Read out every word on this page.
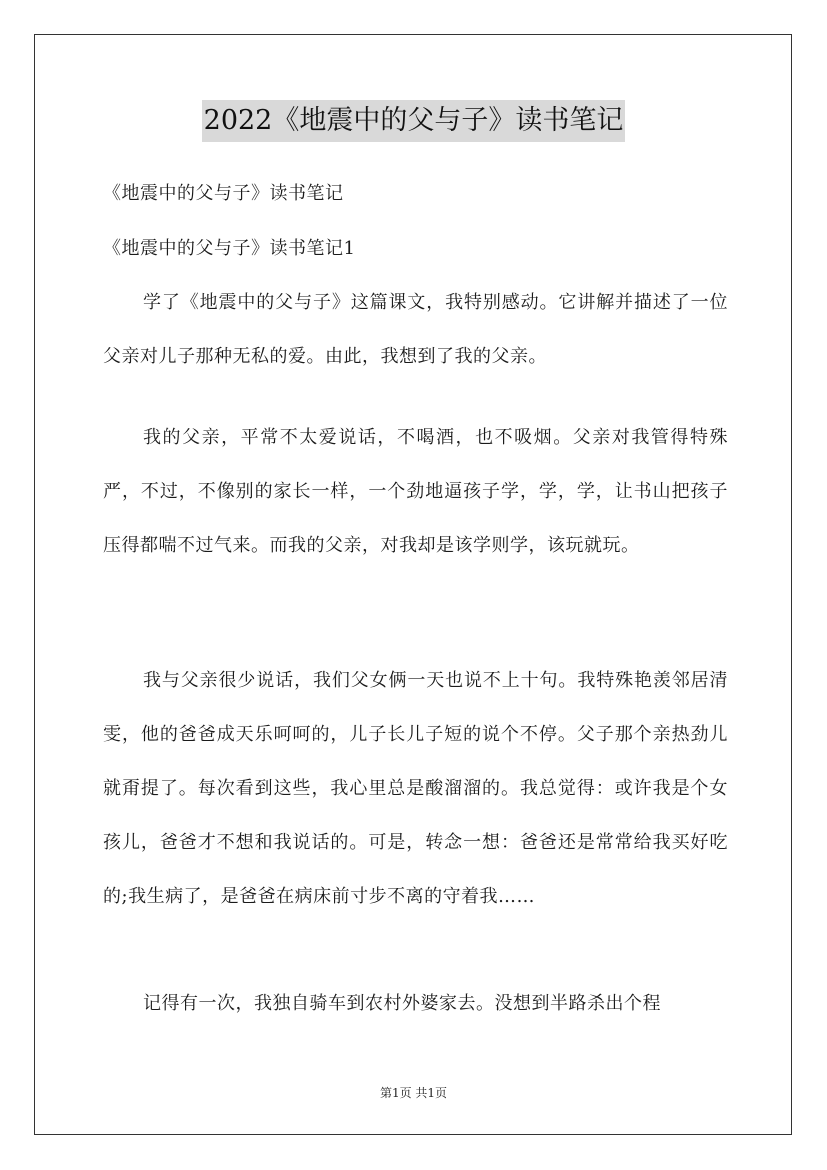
2022《地震中的父与子》读书笔记
《地震中的父与子》读书笔记
《地震中的父与子》读书笔记1

学了《地震中的父与子》这篇课文，我特别感动。它讲解并描述了一位父亲对儿子那种无私的爱。由此，我想到了我的父亲。

我的父亲，平常不太爱说话，不喝酒，也不吸烟。父亲对我管得特殊严，不过，不像别的家长一样，一个劲地逼孩子学，学，学，让书山把孩子压得都喘不过气来。而我的父亲，对我却是该学则学，该玩就玩。

我与父亲很少说话，我们父女俩一天也说不上十句。我特殊艳羡邻居清雯，他的爸爸成天乐呵呵的，儿子长儿子短的说个不停。父子那个亲热劲儿就甭提了。每次看到这些，我心里总是酸溜溜的。我总觉得：或许我是个女孩儿，爸爸才不想和我说话的。可是，转念一想：爸爸还是常常给我买好吃的;我生病了，是爸爸在病床前寸步不离的守着我……

记得有一次，我独自骑车到农村外婆家去。没想到半路杀出个程

第1页 共1页
